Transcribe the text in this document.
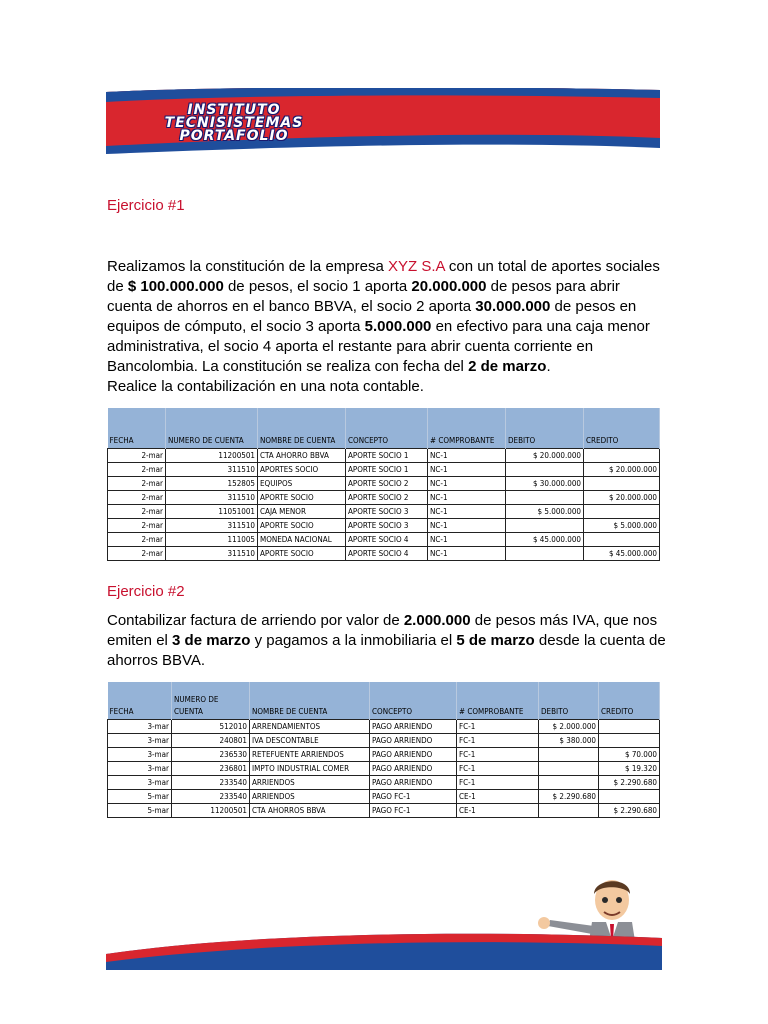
INSTITUTO
TECNISISTEMAS
PORTAFOLIO
Ejercicio #1
Realizamos la constitución de la empresa XYZ S.A con un total de aportes sociales de $ 100.000.000 de pesos, el socio 1 aporta 20.000.000 de pesos para abrir cuenta de ahorros en el banco BBVA, el socio 2 aporta 30.000.000 de pesos en equipos de cómputo, el socio 3 aporta 5.000.000 en efectivo para una caja menor administrativa, el socio 4 aporta el restante para abrir cuenta corriente en Bancolombia. La constitución se realiza con fecha del 2 de marzo.
Realice la contabilización en una nota contable.
FECHA	NUMERO DE CUENTA	NOMBRE DE CUENTA	CONCEPTO	# COMPROBANTE	DEBITO	CREDITO
2-mar	11200501	CTA AHORRO BBVA	APORTE SOCIO 1	NC-1	$ 20.000.000	
2-mar	311510	APORTES SOCIO	APORTE SOCIO 1	NC-1		$ 20.000.000
2-mar	152805	EQUIPOS	APORTE SOCIO 2	NC-1	$ 30.000.000	
2-mar	311510	APORTE SOCIO	APORTE SOCIO 2	NC-1		$ 20.000.000
2-mar	11051001	CAJA MENOR	APORTE SOCIO 3	NC-1	$ 5.000.000	
2-mar	311510	APORTE SOCIO	APORTE SOCIO 3	NC-1		$ 5.000.000
2-mar	111005	MONEDA NACIONAL	APORTE SOCIO 4	NC-1	$ 45.000.000	
2-mar	311510	APORTE SOCIO	APORTE SOCIO 4	NC-1		$ 45.000.000
Ejercicio #2
Contabilizar factura de arriendo por valor de 2.000.000 de pesos más IVA, que nos emiten el 3 de marzo y pagamos a la inmobiliaria el 5 de marzo desde la cuenta de ahorros BBVA.
FECHA	NUMERO DE CUENTA	NOMBRE DE CUENTA	CONCEPTO	# COMPROBANTE	DEBITO	CREDITO
3-mar	512010	ARRENDAMIENTOS	PAGO ARRIENDO	FC-1	$ 2.000.000	
3-mar	240801	IVA DESCONTABLE	PAGO ARRIENDO	FC-1	$ 380.000	
3-mar	236530	RETEFUENTE ARRIENDOS	PAGO ARRIENDO	FC-1		$ 70.000
3-mar	236801	IMPTO INDUSTRIAL COMER	PAGO ARRIENDO	FC-1		$ 19.320
3-mar	233540	ARRIENDOS	PAGO ARRIENDO	FC-1		$ 2.290.680
5-mar	233540	ARRIENDOS	PAGO FC-1	CE-1	$ 2.290.680	
5-mar	11200501	CTA AHORROS BBVA	PAGO FC-1	CE-1		$ 2.290.680
